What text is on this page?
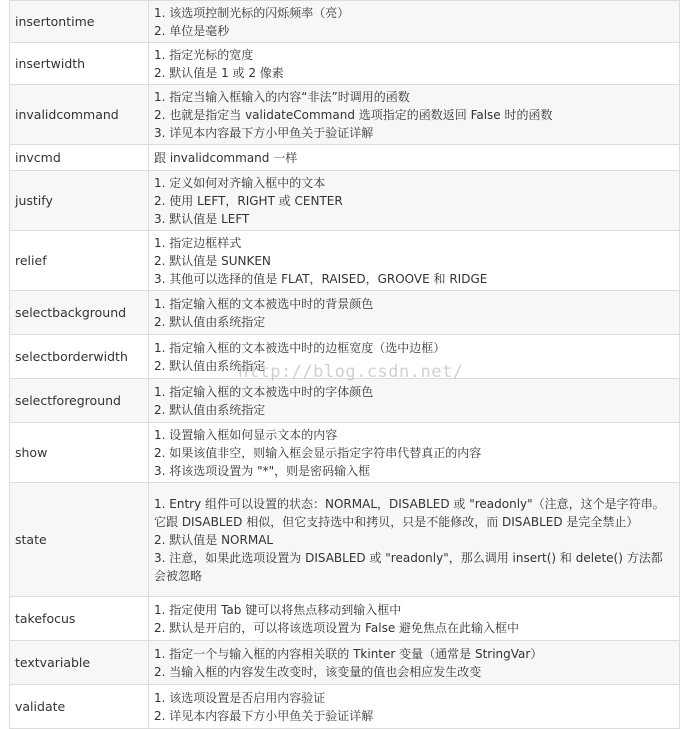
insertontime	1. 该选项控制光标的闪烁频率（亮）
2. 单位是毫秒

insertwidth	1. 指定光标的宽度
2. 默认值是 1 或 2 像素

invalidcommand	1. 指定当输入框输入的内容“非法”时调用的函数
2. 也就是指定当 validateCommand 选项指定的函数返回 False 时的函数
3. 详见本内容最下方小甲鱼关于验证详解

invcmd	跟 invalidcommand 一样

justify	1. 定义如何对齐输入框中的文本
2. 使用 LEFT，RIGHT 或 CENTER
3. 默认值是 LEFT

relief	1. 指定边框样式
2. 默认值是 SUNKEN
3. 其他可以选择的值是 FLAT，RAISED，GROOVE 和 RIDGE

selectbackground	1. 指定输入框的文本被选中时的背景颜色
2. 默认值由系统指定

selectborderwidth	1. 指定输入框的文本被选中时的边框宽度（选中边框）
2. 默认值由系统指定

selectforeground	1. 指定输入框的文本被选中时的字体颜色
2. 默认值由系统指定

show	1. 设置输入框如何显示文本的内容
2. 如果该值非空，则输入框会显示指定字符串代替真正的内容
3. 将该选项设置为 "*"，则是密码输入框

state	1. Entry 组件可以设置的状态：NORMAL，DISABLED 或 "readonly"（注意，这个是字符串。它跟 DISABLED 相似，但它支持选中和拷贝，只是不能修改，而 DISABLED 是完全禁止）
2. 默认值是 NORMAL
3. 注意，如果此选项设置为 DISABLED 或 "readonly"，那么调用 insert() 和 delete() 方法都会被忽略

takefocus	1. 指定使用 Tab 键可以将焦点移动到输入框中
2. 默认是开启的，可以将该选项设置为 False 避免焦点在此输入框中

textvariable	1. 指定一个与输入框的内容相关联的 Tkinter 变量（通常是 StringVar）
2. 当输入框的内容发生改变时，该变量的值也会相应发生改变

validate	1. 该选项设置是否启用内容验证
2. 详见本内容最下方小甲鱼关于验证详解
http://blog.csdn.net/
